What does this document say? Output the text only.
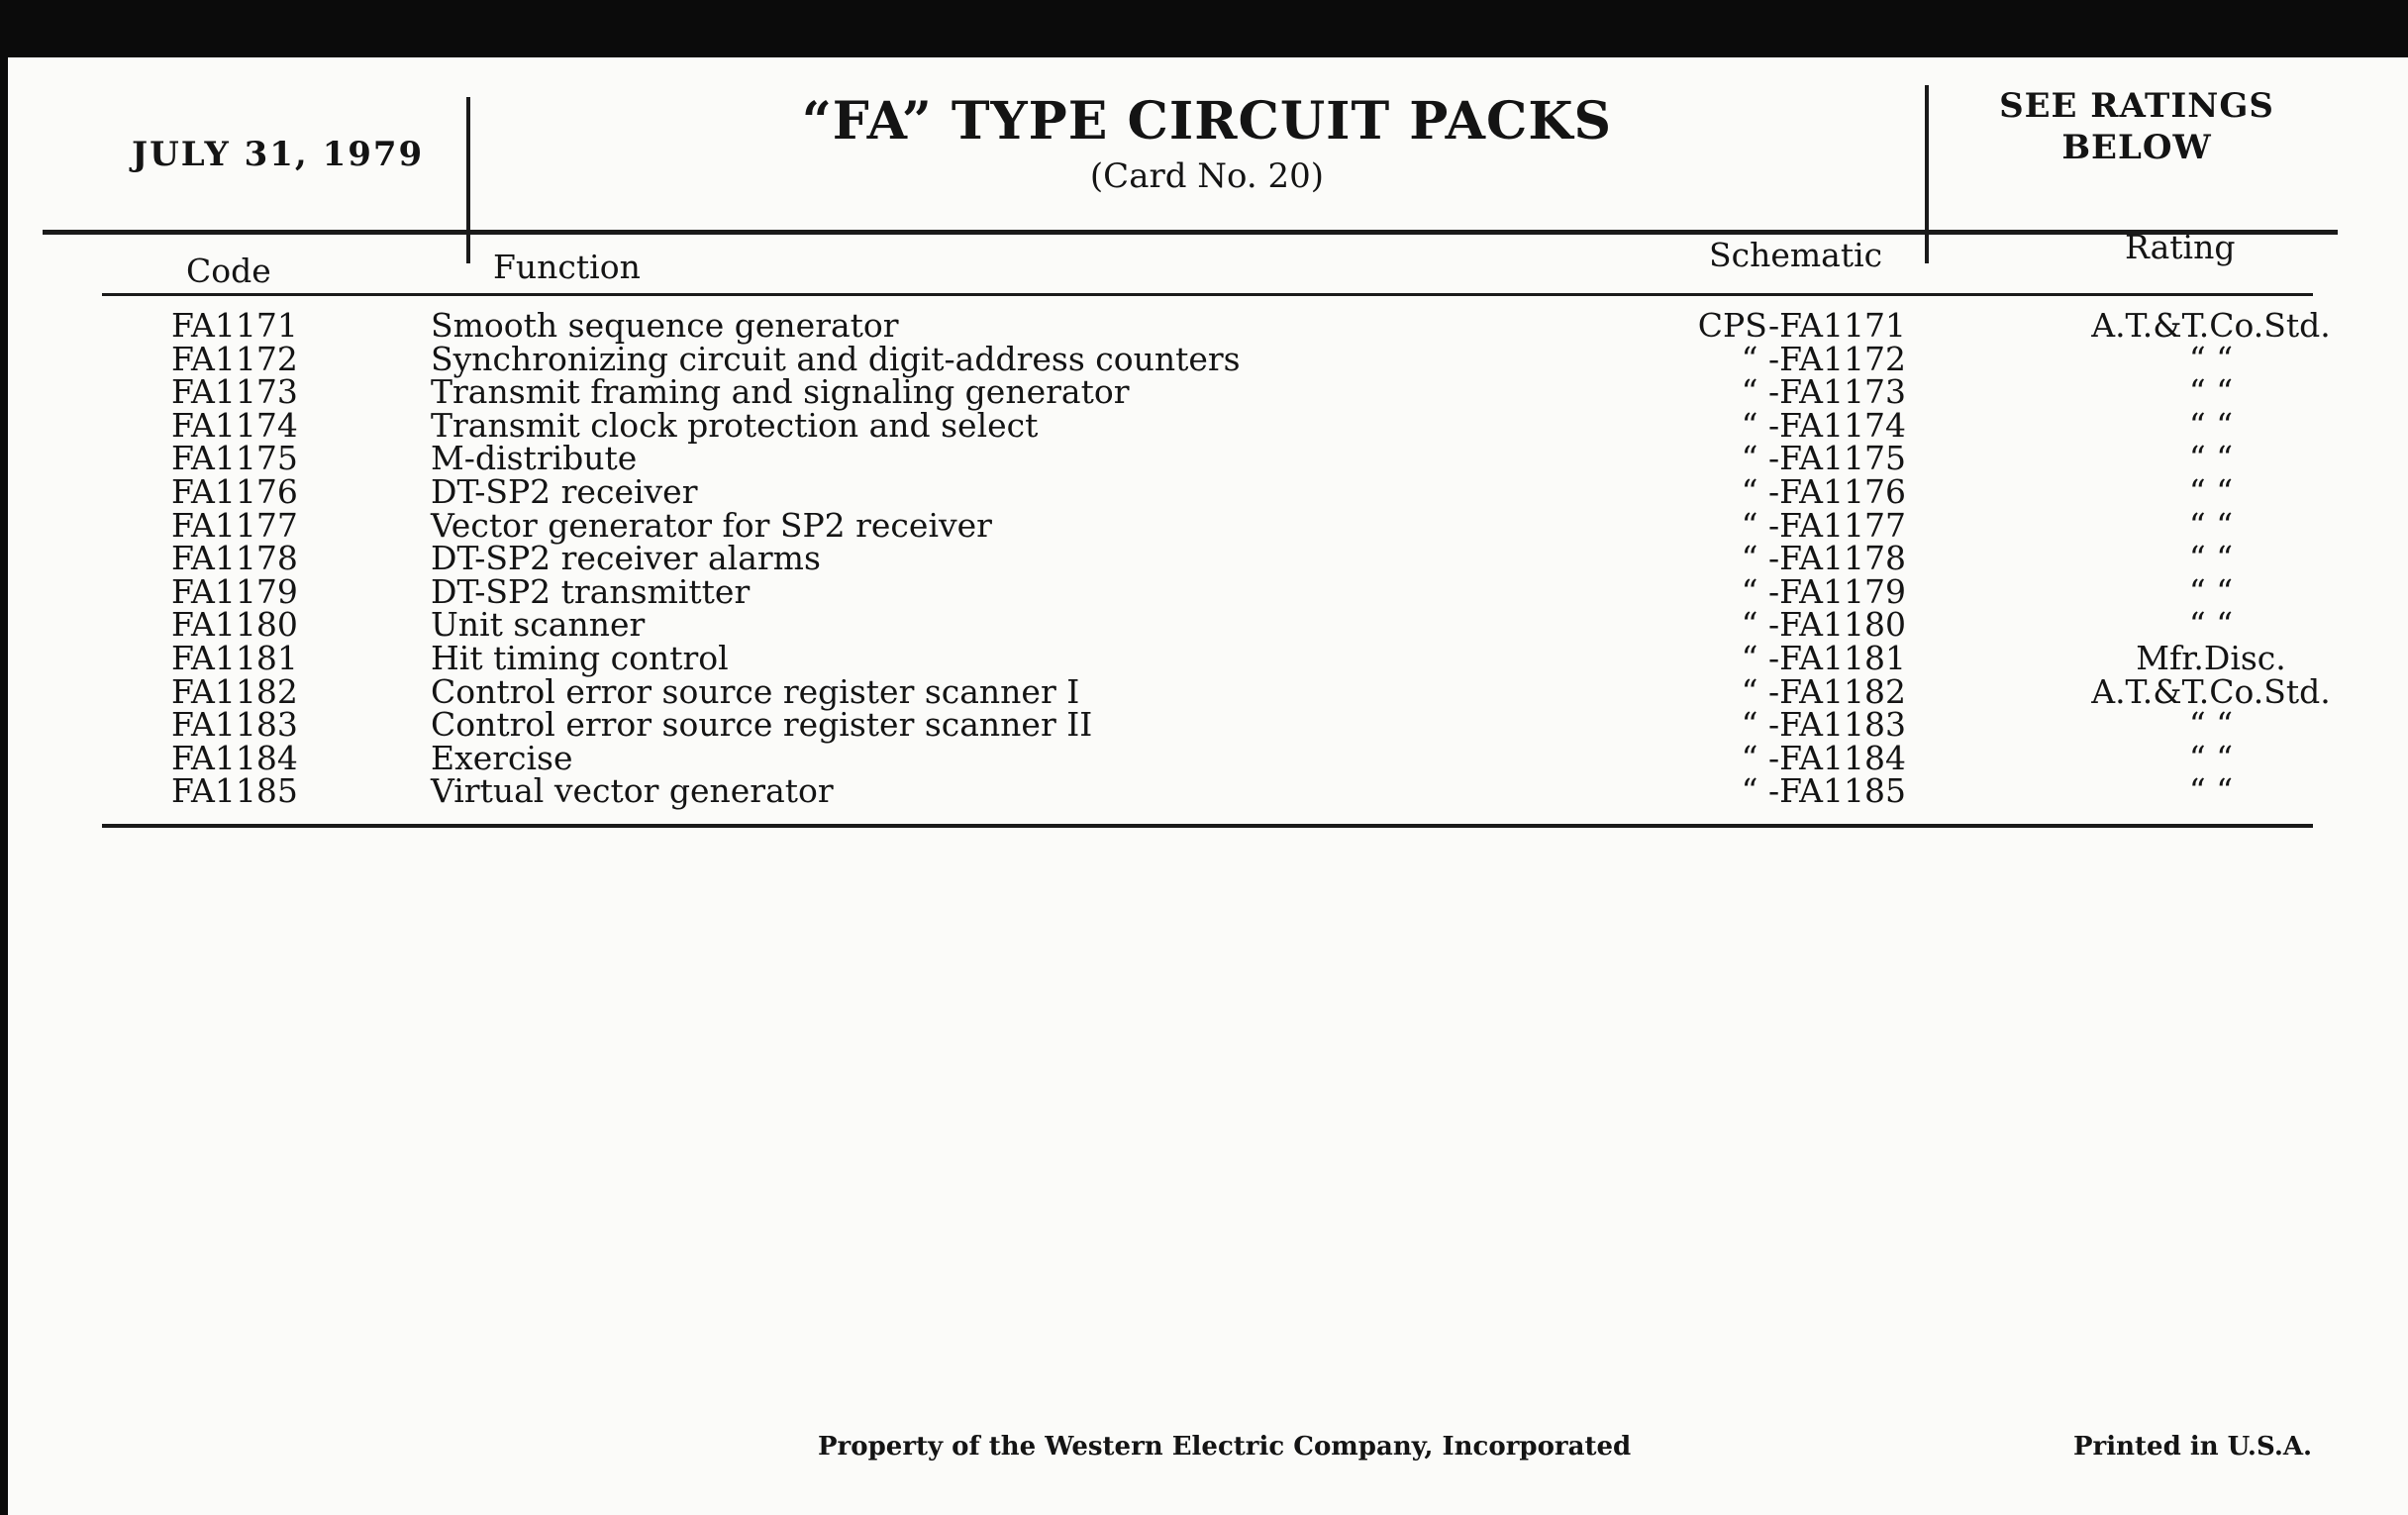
JULY 31, 1979
“FA” TYPE CIRCUIT PACKS
(Card No. 20)
SEE RATINGS BELOW
Code	Function	Schematic	Rating
FA1171	Smooth sequence generator	CPS-FA1171	A.T.&T.Co.Std.
FA1172	Synchronizing circuit and digit-address counters	“ -FA1172	“ “
FA1173	Transmit framing and signaling generator	“ -FA1173	“ “
FA1174	Transmit clock protection and select	“ -FA1174	“ “
FA1175	M-distribute	“ -FA1175	“ “
FA1176	DT-SP2 receiver	“ -FA1176	“ “
FA1177	Vector generator for SP2 receiver	“ -FA1177	“ “
FA1178	DT-SP2 receiver alarms	“ -FA1178	“ “
FA1179	DT-SP2 transmitter	“ -FA1179	“ “
FA1180	Unit scanner	“ -FA1180	“ “
FA1181	Hit timing control	“ -FA1181	Mfr.Disc.
FA1182	Control error source register scanner I	“ -FA1182	A.T.&T.Co.Std.
FA1183	Control error source register scanner II	“ -FA1183	“ “
FA1184	Exercise	“ -FA1184	“ “
FA1185	Virtual vector generator	“ -FA1185	“ “
Property of the Western Electric Company, Incorporated	Printed in U.S.A.
